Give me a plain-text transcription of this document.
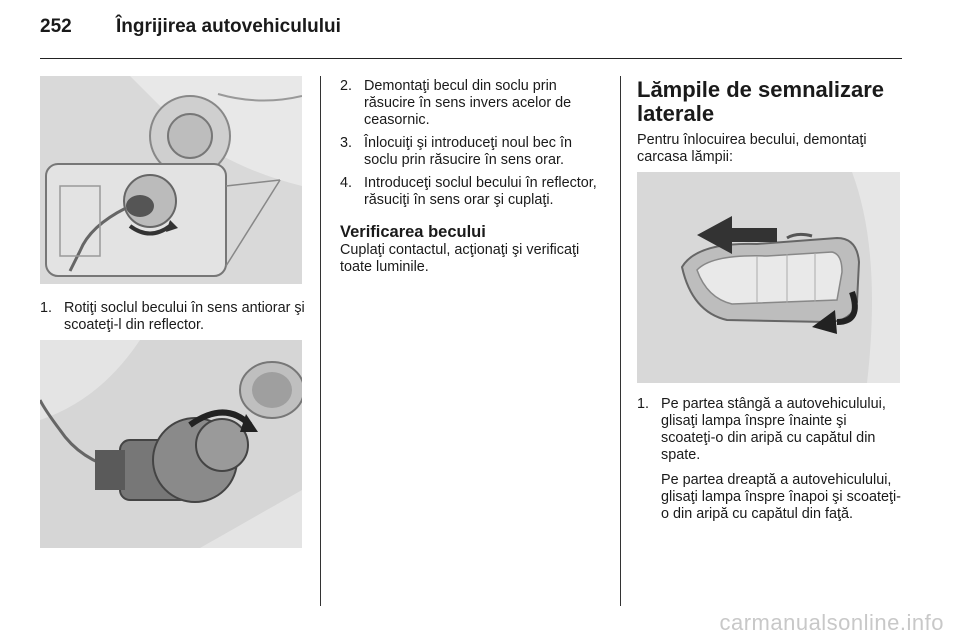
252 Îngrijirea autovehiculului
1. Rotiţi soclul becului în sens antiorar şi scoateţi-l din reflector.
2. Demontaţi becul din soclu prin răsucire în sens invers acelor de ceasornic.
3. Înlocuiţi şi introduceţi noul bec în soclu prin răsucire în sens orar.
4. Introduceţi soclul becului în reflector, răsuciţi în sens orar şi cuplaţi.
Verificarea becului
Cuplaţi contactul, acţionaţi şi verificaţi toate luminile.
Lămpile de semnalizare laterale
Pentru înlocuirea becului, demontaţi carcasa lămpii:
1. Pe partea stângă a autovehiculului, glisaţi lampa înspre înainte şi scoateţi-o din aripă cu capătul din spate.
Pe partea dreaptă a autovehiculului, glisaţi lampa înspre înapoi şi scoateţi-o din aripă cu capătul din faţă.
carmanualsonline.info
